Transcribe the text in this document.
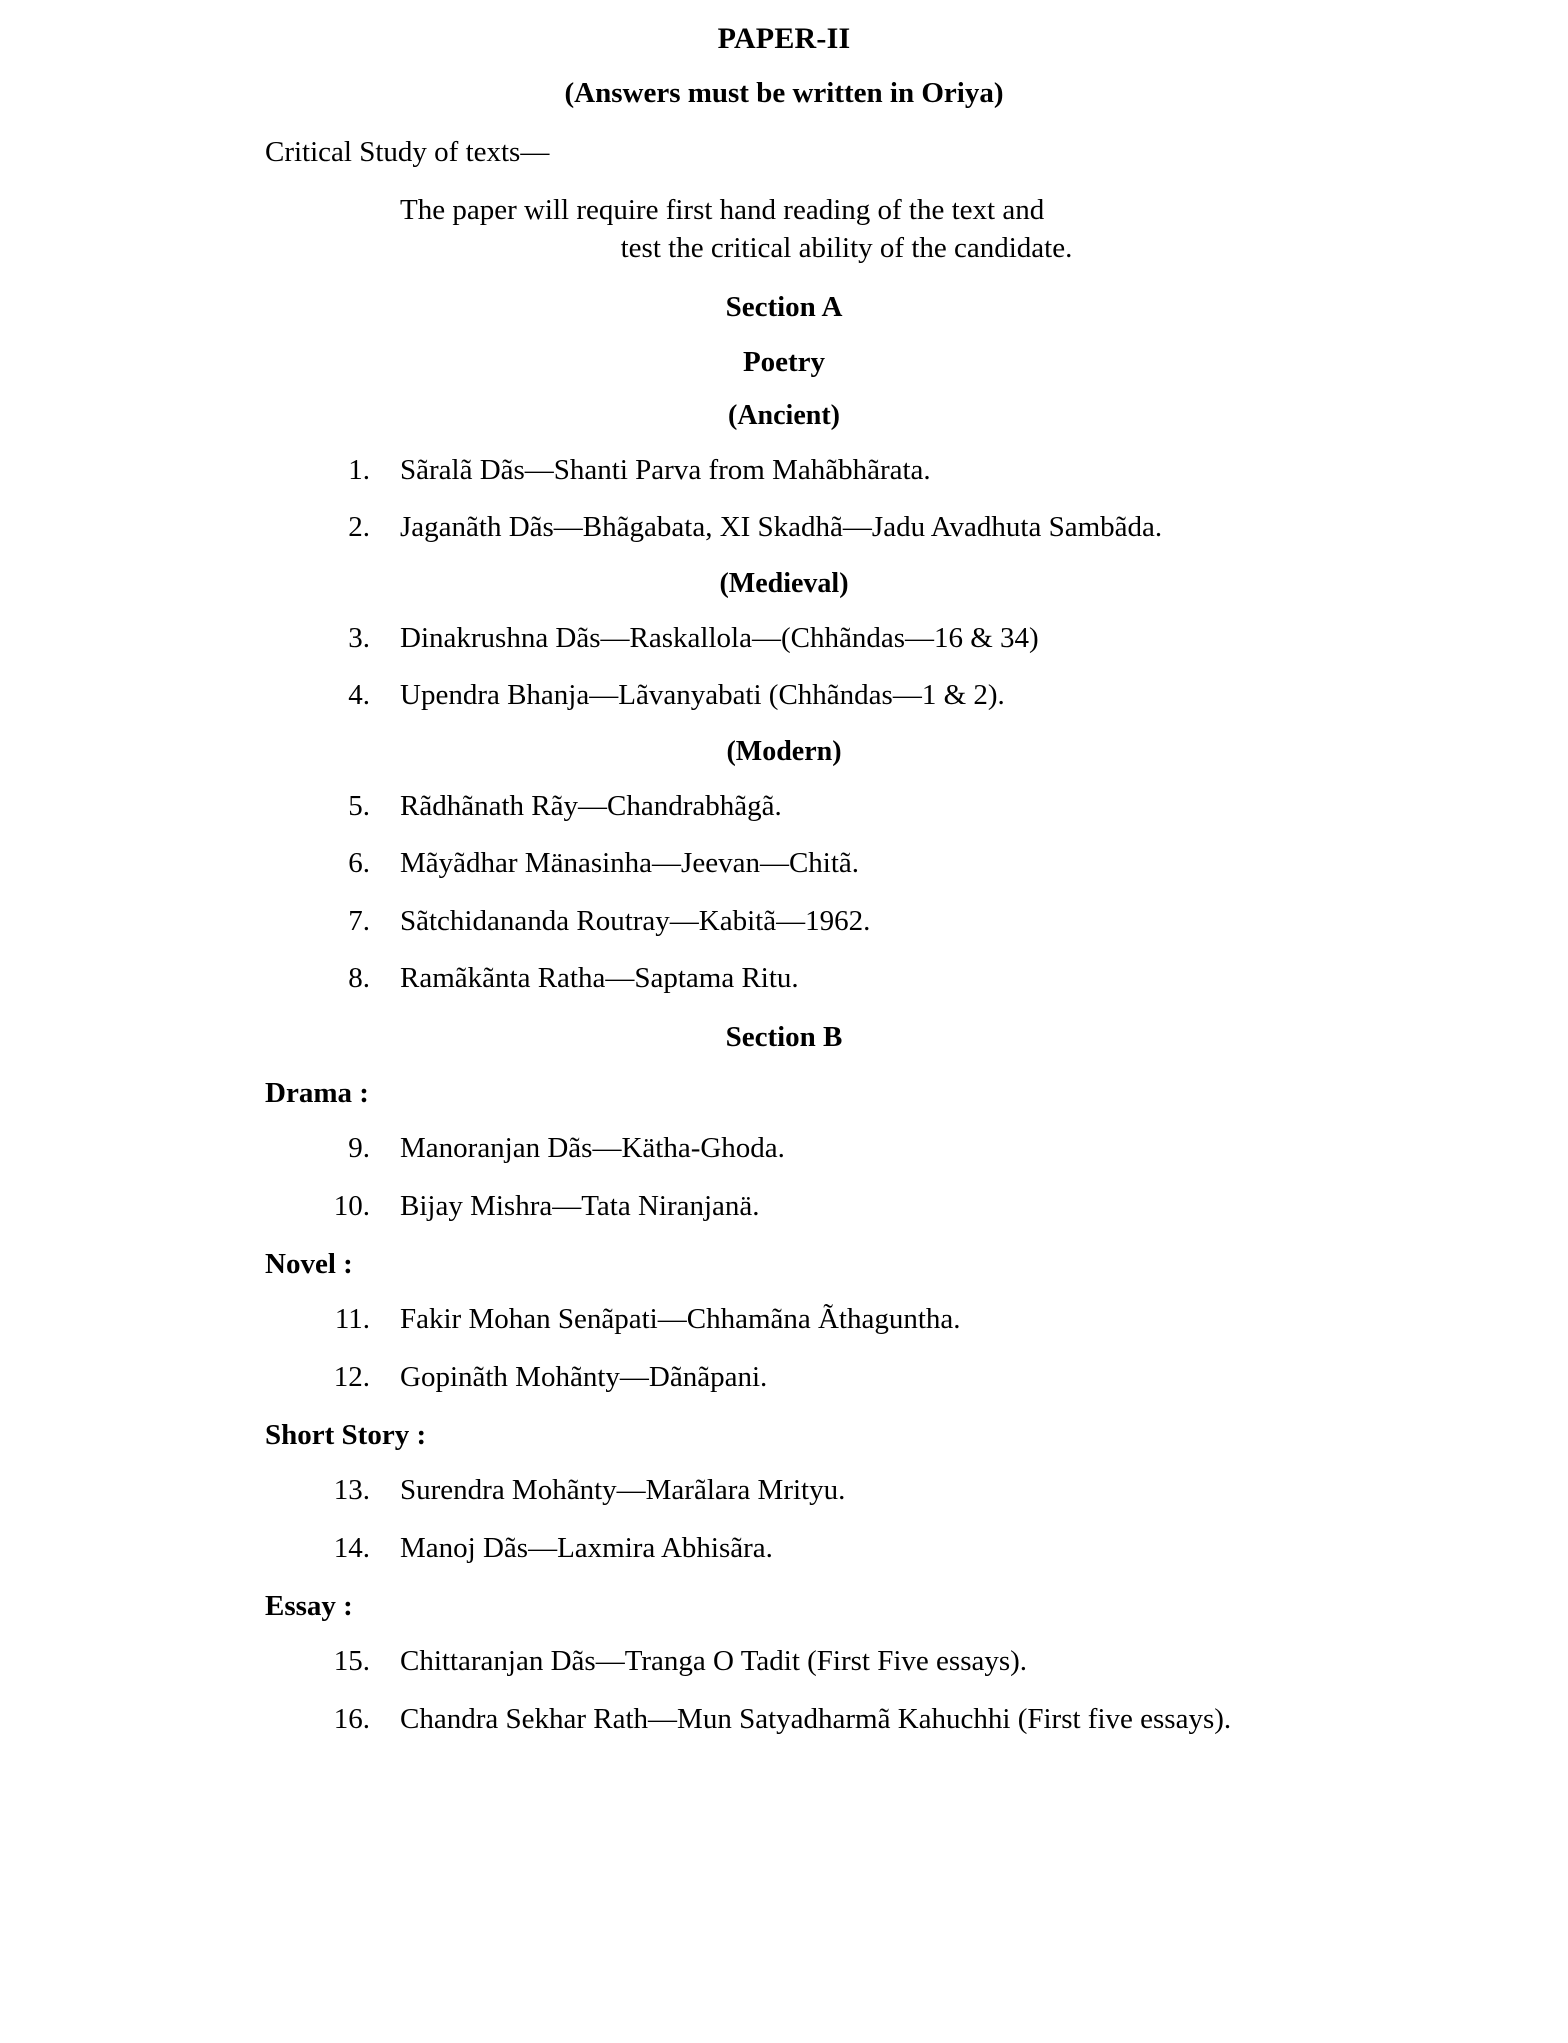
PAPER-II
(Answers must be written in Oriya)
Critical Study of texts—
The paper will require first hand reading of the text and
test the critical ability of the candidate.
Section A
Poetry
(Ancient)
1. Sãralã Dãs—Shanti Parva from Mahãbhãrata.
2. Jaganãth Dãs—Bhãgabata, XI Skadhã—Jadu Avadhuta Sambãda.
(Medieval)
3. Dinakrushna Dãs—Raskallola—(Chhãndas—16 & 34)
4. Upendra Bhanja—Lãvanyabati (Chhãndas—1 & 2).
(Modern)
5. Rãdhãnath Rãy—Chandrabhãgã.
6. Mãyãdhar Mänasinha—Jeevan—Chitã.
7. Sãtchidananda Routray—Kabitã—1962.
8. Ramãkãnta Ratha—Saptama Ritu.
Section B
Drama :
9. Manoranjan Dãs—Kätha-Ghoda.
10. Bijay Mishra—Tata Niranjanä.
Novel :
11. Fakir Mohan Senãpati—Chhamãna Ãthaguntha.
12. Gopinãth Mohãnty—Dãnãpani.
Short Story :
13. Surendra Mohãnty—Marãlara Mrityu.
14. Manoj Dãs—Laxmira Abhisãra.
Essay :
15. Chittaranjan Dãs—Tranga O Tadit (First Five essays).
16. Chandra Sekhar Rath—Mun Satyadharmã Kahuchhi (First five essays).
